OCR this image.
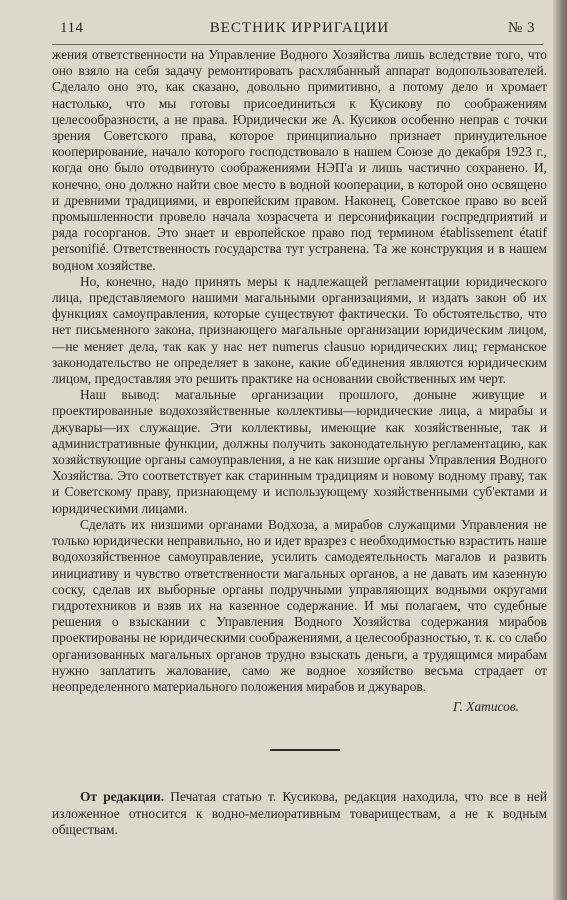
114	ВЕСТНИК ИРРИГАЦИИ	№ 3

жения ответственности на Управление Водного Хозяйства лишь вследствие того, что оно взяло на себя задачу ремонтировать расхлябанный аппарат водопользователей. Сделало оно это, как сказано, довольно примитивно, а потому дело и хромает настолько, что мы готовы присоединиться к Кусикову по соображениям целесообразности, а не права. Юридически же А. Кусиков особенно неправ с точки зрения Советского права, которое принципиально признает принудительное кооперирование, начало которого господствовало в нашем Союзе до декабря 1923 г., когда оно было отодвинуто соображениями НЭП'а и лишь частично сохранено. И, конечно, оно должно найти свое место в водной кооперации, в которой оно освящено и древними традициями, и европейским правом. Наконец, Советское право во всей промышленности провело начала хозрасчета и персонификации госпредприятий и ряда госорганов. Это знает и европейское право под термином établissement étatif personifié. Ответственность государства тут устранена. Та же конструкция и в нашем водном хозяйстве.

Но, конечно, надо принять меры к надлежащей регламентации юридического лица, представляемого нашими магальными организациями, и издать закон об их функциях самоуправления, которые существуют фактически. То обстоятельство, что нет письменного закона, признающего магальные организации юридическим лицом,—не меняет дела, так как у нас нет numerus clausuo юридических лиц; германское законодательство не определяет в законе, какие об'единения являются юридическим лицом, предоставляя это решить практике на основании свойственных им черт.

Наш вывод: магальные организации прошлого, доныне живущие и проектированные водохозяйственные коллективы—юридические лица, а мирабы и джувары—их служащие. Эти коллективы, имеющие как хозяйственные, так и административные функции, должны получить законодательную регламентацию, как хозяйствующие органы самоуправления, а не как низшие органы Управления Водного Хозяйства. Это соответствует как старинным традициям и новому водному праву, так и Советскому праву, признающему и использующему хозяйственными суб'ектами и юридическими лицами.

Сделать их низшими органами Водхоза, а мирабов служащими Управления не только юридически неправильно, но и идет вразрез с необходимостью взрастить наше водохозяйственное самоуправление, усилить самодеятельность магалов и развить инициативу и чувство ответственности магальных органов, а не давать им казенную соску, сделав их выборные органы подручными управляющих водными округами гидротехников и взяв их на казенное содержание. И мы полагаем, что судебные решения о взыскании с Управления Водного Хозяйства содержания мирабов проектированы не юридическими соображениями, а целесообразностью, т. к. со слабо организованных магальных органов трудно взыскать деньги, а трудящимся мирабам нужно заплатить жалование, само же водное хозяйство весьма страдает от неопределенного материального положения мирабов и джуваров.

Г. Хатисов.
От редакции. Печатая статью т. Кусикова, редакция находила, что все в ней изложенное относится к водно-мелиоративным товариществам, а не к водным обществам.
